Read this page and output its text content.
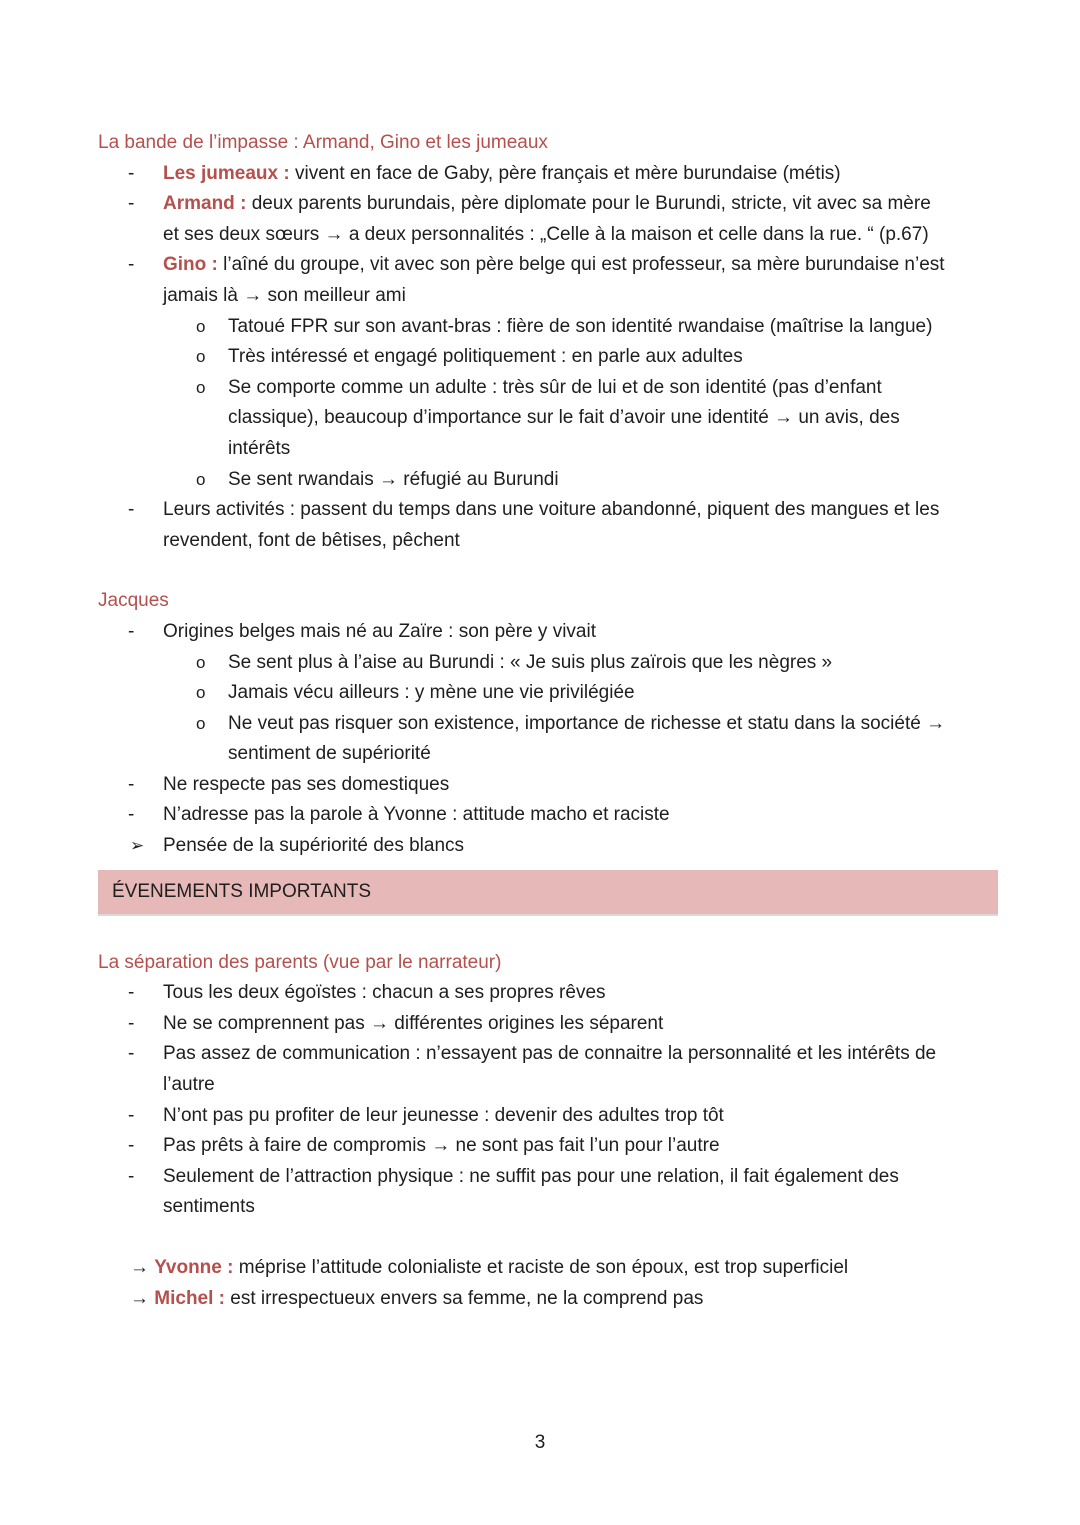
La bande de l’impasse : Armand, Gino et les jumeaux
- Les jumeaux : vivent en face de Gaby, père français et mère burundaise (métis)
- Armand : deux parents burundais, père diplomate pour le Burundi, stricte, vit avec sa mère
et ses deux sœurs → a deux personnalités : „Celle à la maison et celle dans la rue. “ (p.67)
- Gino : l’aîné du groupe, vit avec son père belge qui est professeur, sa mère burundaise n’est
jamais là → son meilleur ami
o Tatoué FPR sur son avant-bras : fière de son identité rwandaise (maîtrise la langue)
o Très intéressé et engagé politiquement : en parle aux adultes
o Se comporte comme un adulte : très sûr de lui et de son identité (pas d’enfant
classique), beaucoup d’importance sur le fait d’avoir une identité → un avis, des
intérêts
o Se sent rwandais → réfugié au Burundi
- Leurs activités : passent du temps dans une voiture abandonné, piquent des mangues et les
revendent, font de bêtises, pêchent
Jacques
- Origines belges mais né au Zaïre : son père y vivait
o Se sent plus à l’aise au Burundi : « Je suis plus zaïrois que les nègres »
o Jamais vécu ailleurs : y mène une vie privilégiée
o Ne veut pas risquer son existence, importance de richesse et statu dans la société →
sentiment de supériorité
- Ne respecte pas ses domestiques
- N’adresse pas la parole à Yvonne : attitude macho et raciste
➢ Pensée de la supériorité des blancs
ÉVENEMENTS IMPORTANTS
La séparation des parents (vue par le narrateur)
- Tous les deux égoïstes : chacun a ses propres rêves
- Ne se comprennent pas → différentes origines les séparent
- Pas assez de communication : n’essayent pas de connaitre la personnalité et les intérêts de
l’autre
- N’ont pas pu profiter de leur jeunesse : devenir des adultes trop tôt
- Pas prêts à faire de compromis → ne sont pas fait l’un pour l’autre
- Seulement de l’attraction physique : ne suffit pas pour une relation, il fait également des
sentiments
→ Yvonne : méprise l’attitude colonialiste et raciste de son époux, est trop superficiel
→ Michel : est irrespectueux envers sa femme, ne la comprend pas
3
